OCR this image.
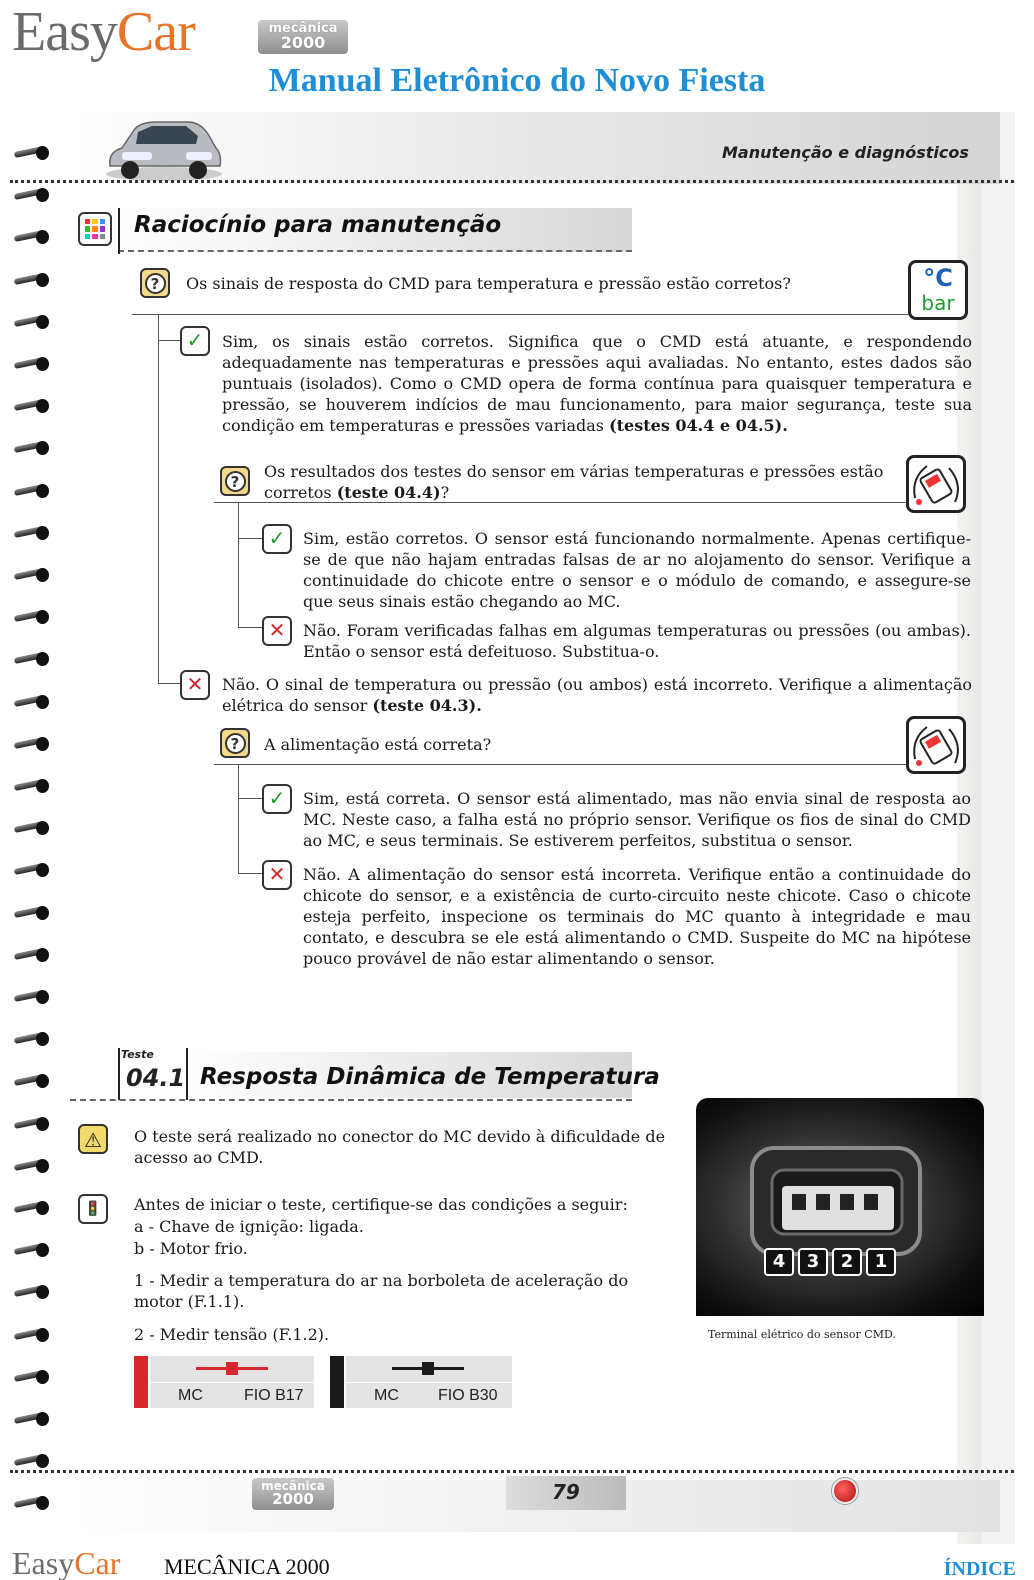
EasyCar	mecânica
2000
Manual Eletrônico do Novo Fiesta
Manutenção e diagnósticos
Raciocínio para manutenção
?	Os sinais de resposta do CMD para temperatura e pressão estão corretos?	°C
bar
✓	Sim, os sinais estão corretos. Significa que o CMD está atuante, e respondendo adequadamente nas temperaturas e pressões aqui avaliadas. No entanto, estes dados são puntuais (isolados). Como o CMD opera de forma contínua para quaisquer temperatura e pressão, se houverem indícios de mau funcionamento, para maior segurança, teste sua condição em temperaturas e pressões variadas (testes 04.4 e 04.5).
?
Os resultados dos testes do sensor em várias temperaturas e pressões estão corretos (teste 04.4)?
✓	Sim, estão corretos. O sensor está funcionando normalmente. Apenas certifique-se de que não hajam entradas falsas de ar no alojamento do sensor. Verifique a continuidade do chicote entre o sensor e o módulo de comando, e assegure-se que seus sinais estão chegando ao MC.
✕	Não. Foram verificadas falhas em algumas temperaturas ou pressões (ou ambas). Então o sensor está defeituoso. Substitua-o.
✕	Não. O sinal de temperatura ou pressão (ou ambos) está incorreto. Verifique a alimentação elétrica do sensor (teste 04.3).
?	A alimentação está correta?
✓	Sim, está correta. O sensor está alimentado, mas não envia sinal de resposta ao MC. Neste caso, a falha está no próprio sensor. Verifique os fios de sinal do CMD ao MC, e seus terminais. Se estiverem perfeitos, substitua o sensor.
✕	Não. A alimentação do sensor está incorreta. Verifique então a continuidade do chicote do sensor, e a existência de curto-circuito neste chicote. Caso o chicote esteja perfeito, inspecione os terminais do MC quanto à integridade e mau contato, e descubra se ele está alimentando o CMD. Suspeite do MC na hipótese pouco provável de não estar alimentando o sensor.
Teste
04.1 Resposta Dinâmica de Temperatura
⚠	O teste será realizado no conector do MC devido à dificuldade de acesso ao CMD.
🚦	Antes de iniciar o teste, certifique-se das condições a seguir:
a - Chave de ignição: ligada.
b - Motor frio.
1 - Medir a temperatura do ar na borboleta de aceleração do motor (F.1.1).
2 - Medir tensão (F.1.2).
MC	FIO B17	MC FIO B30
4	3	2	1
Terminal elétrico do sensor CMD.
mecânica
2000	79
EasyCar MECÂNICA 2000	ÍNDICE
